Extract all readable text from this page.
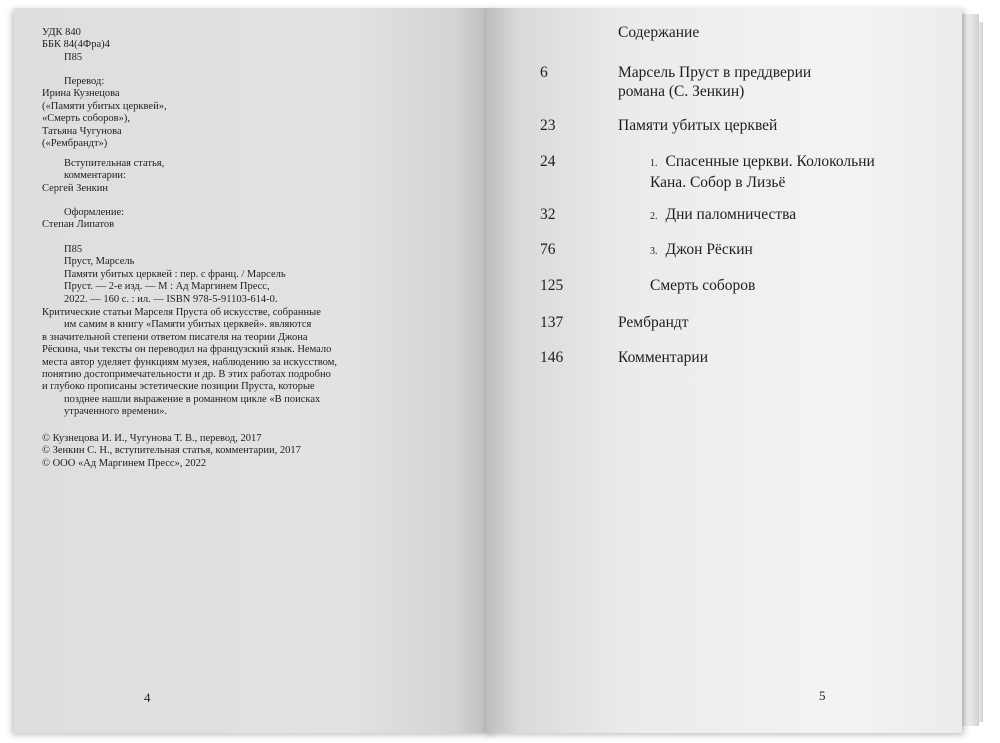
УДК 840
ББК 84(4Фра)4
П85
Перевод:
Ирина Кузнецова
(«Памяти убитых церквей»,
«Смерть соборов»),
Татьяна Чугунова
(«Рембрандт»)
Вступительная статья,
комментарии:
Сергей Зенкин
Оформление:
Степан Липатов
П85
Пруст, Марсель
Памяти убитых церквей : пер. с франц. / Марсель
Пруст. — 2-е изд. — М : Ад Маргинем Пресс,
2022. — 160 с. : ил. — ISBN 978-5-91103-614-0.
Критические статьи Марселя Пруста об искусстве, собранные
им самим в книгу «Памяти убитых церквей». являются
в значительной степени ответом писателя на теории Джона
Рёскина, чьи тексты он переводил на французский язык. Немало
места автор уделяет функциям музея, наблюдению за искусством,
понятию достопримечательности и др. В этих работах подробно
и глубоко прописаны эстетические позиции Пруста, которые
позднее нашли выражение в романном цикле «В поисках
утраченного времени».
© Кузнецова И. И., Чугунова Т. В., перевод, 2017
© Зенкин С. Н., вступительная статья, комментарии, 2017
© ООО «Ад Маргинем Пресс», 2022
4
Содержание
6	Марсель Пруст в преддверии
романа (С. Зенкин)
23	Памяти убитых церквей
24	1. Спасенные церкви. Колокольни
Кана. Собор в Лизьё
32	2. Дни паломничества
76	3. Джон Рёскин
125	Смерть соборов
137	Рембрандт
146	Комментарии
5
